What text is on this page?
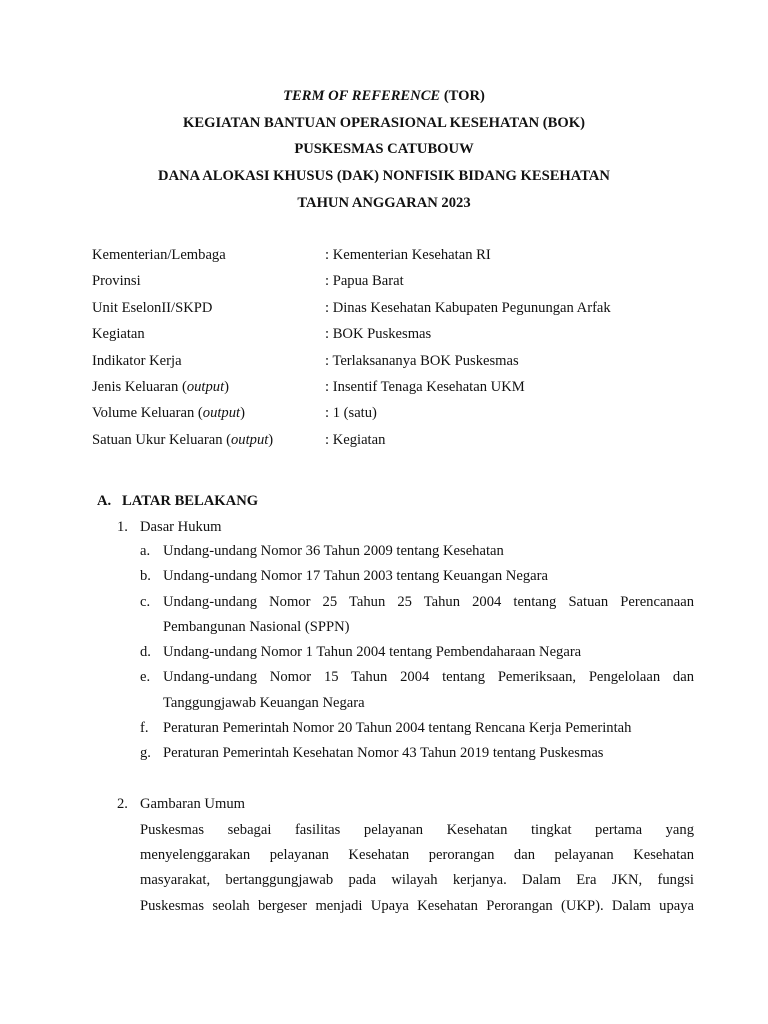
TERM OF REFERENCE (TOR)
KEGIATAN BANTUAN OPERASIONAL KESEHATAN (BOK)
PUSKESMAS CATUBOUW
DANA ALOKASI KHUSUS (DAK) NONFISIK BIDANG KESEHATAN
TAHUN ANGGARAN 2023
Kementerian/Lembaga	: Kementerian Kesehatan RI
Provinsi	: Papua Barat
Unit EselonII/SKPD	: Dinas Kesehatan Kabupaten Pegunungan Arfak
Kegiatan	: BOK Puskesmas
Indikator Kerja	: Terlaksananya BOK Puskesmas
Jenis Keluaran (output)	: Insentif Tenaga Kesehatan UKM
Volume Keluaran (output)	: 1 (satu)
Satuan Ukur Keluaran (output)	: Kegiatan
A. LATAR BELAKANG
1. Dasar Hukum
a. Undang-undang Nomor 36 Tahun 2009 tentang Kesehatan
b. Undang-undang Nomor 17 Tahun 2003 tentang Keuangan Negara
c. Undang-undang Nomor 25 Tahun 25 Tahun 2004 tentang Satuan Perencanaan Pembangunan Nasional (SPPN)
d. Undang-undang Nomor 1 Tahun 2004 tentang Pembendaharaan Negara
e. Undang-undang Nomor 15 Tahun 2004 tentang Pemeriksaan, Pengelolaan dan Tanggungjawab Keuangan Negara
f. Peraturan Pemerintah Nomor 20 Tahun 2004 tentang Rencana Kerja Pemerintah
g. Peraturan Pemerintah Kesehatan Nomor 43 Tahun 2019 tentang Puskesmas
2. Gambaran Umum
Puskesmas sebagai fasilitas pelayanan Kesehatan tingkat pertama yang
menyelenggarakan pelayanan Kesehatan perorangan dan pelayanan Kesehatan
masyarakat, bertanggungjawab pada wilayah kerjanya. Dalam Era JKN, fungsi
Puskesmas seolah bergeser menjadi Upaya Kesehatan Perorangan (UKP). Dalam upaya
